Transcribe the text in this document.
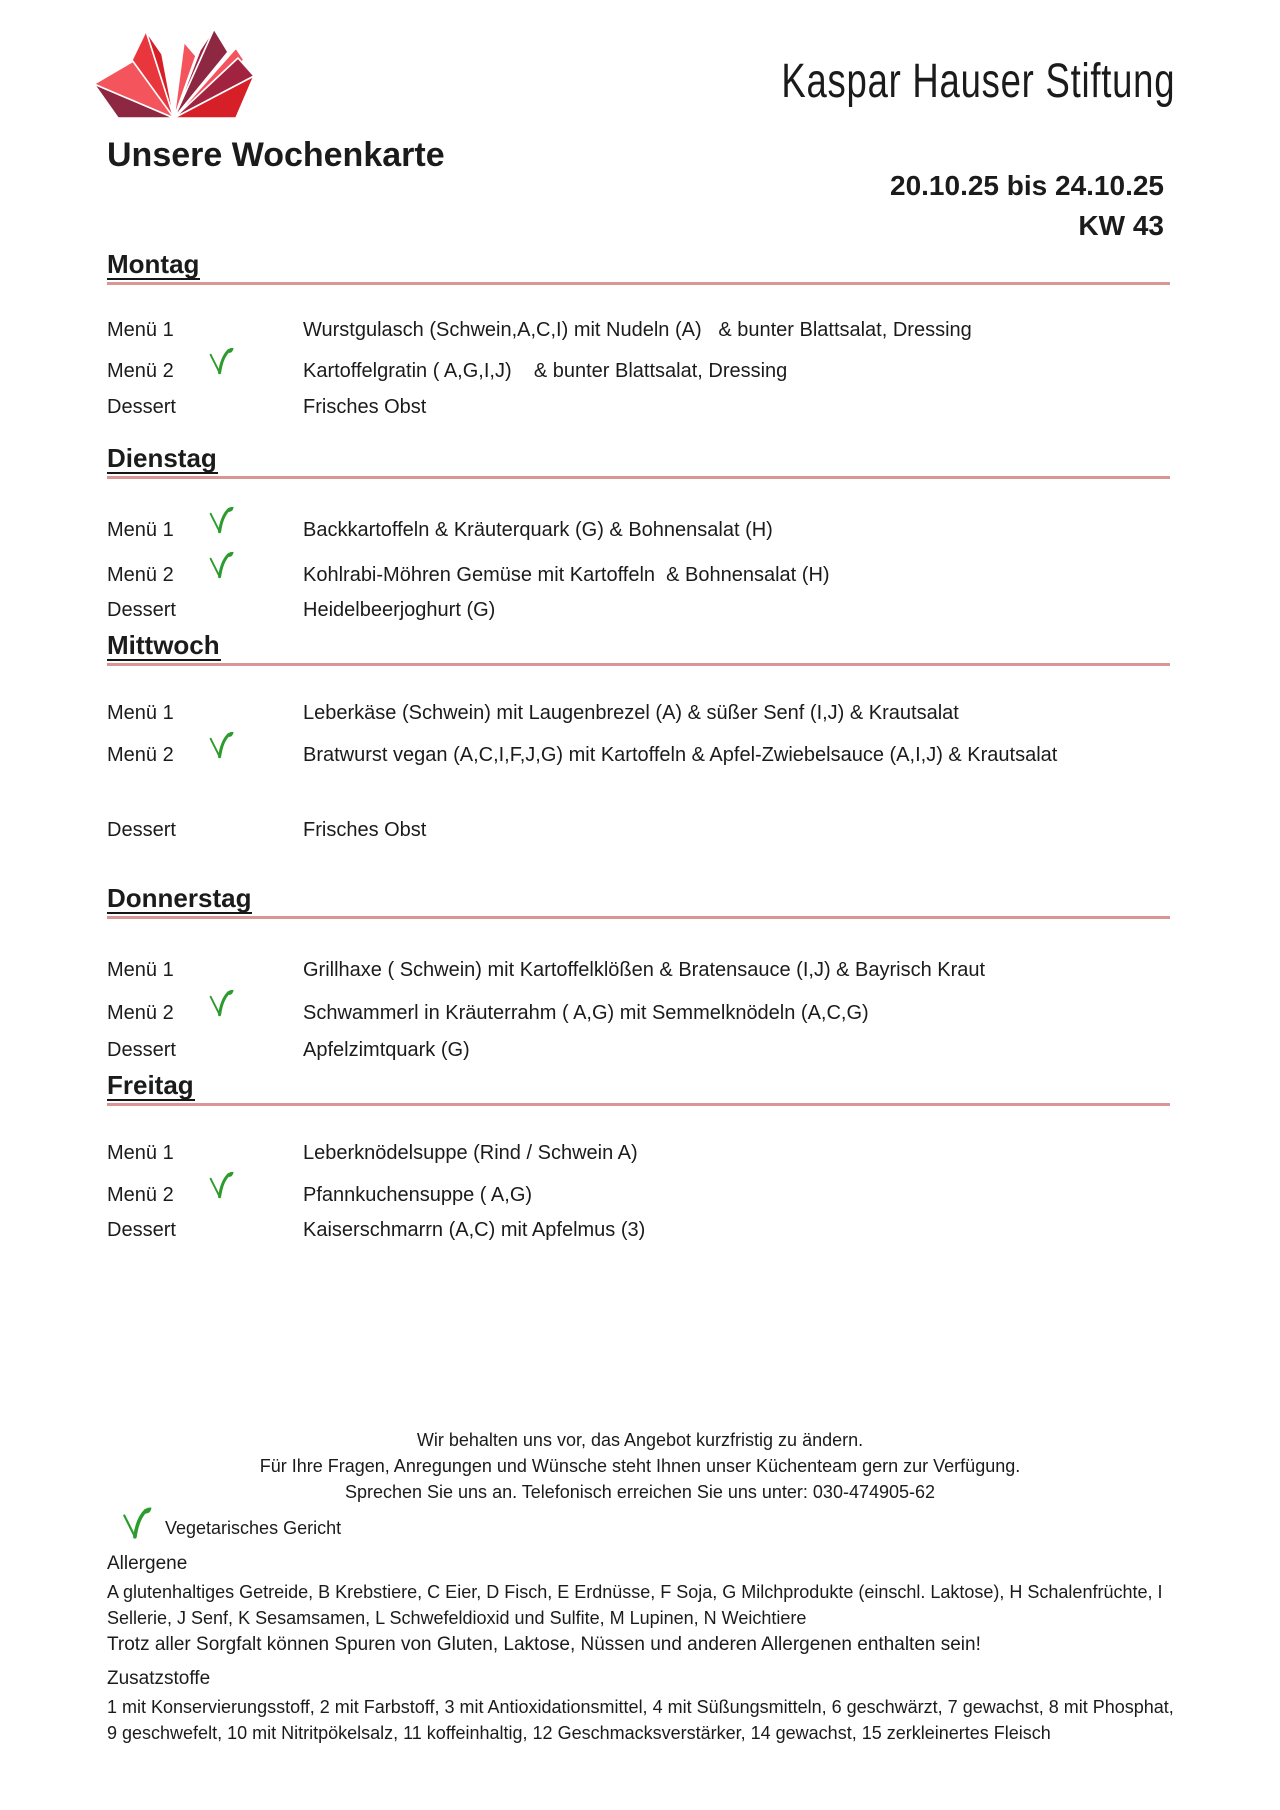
Kaspar Hauser Stiftung
Unsere Wochenkarte
20.10.25 bis 24.10.25
KW 43
Montag
Menü 1	Wurstgulasch (Schwein,A,C,I) mit Nudeln (A)   & bunter Blattsalat, Dressing
Menü 2	Kartoffelgratin ( A,G,I,J)    & bunter Blattsalat, Dressing
Dessert	Frisches Obst
Dienstag
Menü 1	Backkartoffeln & Kräuterquark (G) & Bohnensalat (H)
Menü 2	Kohlrabi-Möhren Gemüse mit Kartoffeln  & Bohnensalat (H)
Dessert	Heidelbeerjoghurt (G)
Mittwoch
Menü 1	Leberkäse (Schwein) mit Laugenbrezel (A) & süßer Senf (I,J) & Krautsalat
Menü 2	Bratwurst vegan (A,C,I,F,J,G) mit Kartoffeln & Apfel-Zwiebelsauce (A,I,J) & Krautsalat
Dessert	Frisches Obst
Donnerstag
Menü 1	Grillhaxe ( Schwein) mit Kartoffelklößen & Bratensauce (I,J) & Bayrisch Kraut
Menü 2	Schwammerl in Kräuterrahm ( A,G) mit Semmelknödeln (A,C,G)
Dessert	Apfelzimtquark (G)
Freitag
Menü 1	Leberknödelsuppe (Rind / Schwein A)
Menü 2	Pfannkuchensuppe ( A,G)
Dessert	Kaiserschmarrn (A,C) mit Apfelmus (3)

Wir behalten uns vor, das Angebot kurzfristig zu ändern.

Für Ihre Fragen, Anregungen und Wünsche steht Ihnen unser Küchenteam gern zur Verfügung.

Sprechen Sie uns an. Telefonisch erreichen Sie uns unter: 030-474905-62

Vegetarisches Gericht
Allergene
A glutenhaltiges Getreide, B Krebstiere, C Eier, D Fisch, E Erdnüsse, F Soja, G Milchprodukte (einschl. Laktose), H Schalenfrüchte, I
Sellerie, J Senf, K Sesamsamen, L Schwefeldioxid und Sulfite, M Lupinen, N Weichtiere
Trotz aller Sorgfalt können Spuren von Gluten, Laktose, Nüssen und anderen Allergenen enthalten sein!
Zusatzstoffe
1 mit Konservierungsstoff, 2 mit Farbstoff, 3 mit Antioxidationsmittel, 4 mit Süßungsmitteln, 6 geschwärzt, 7 gewachst, 8 mit Phosphat,
9 geschwefelt, 10 mit Nitritpökelsalz, 11 koffeinhaltig, 12 Geschmacksverstärker, 14 gewachst, 15 zerkleinertes Fleisch
